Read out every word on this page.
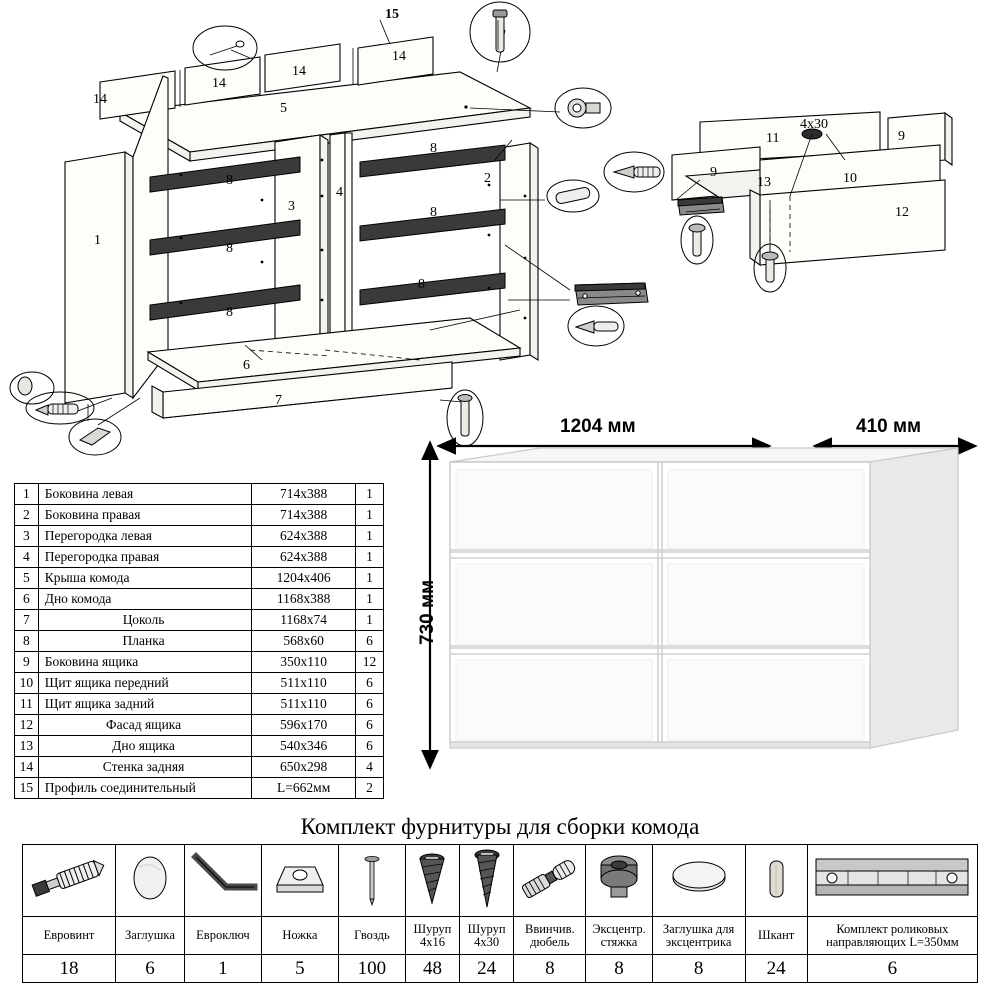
14
14
14
14
15
5
1
3
4
2
8
8
8
8
8
8
6
7
9
11	9
10
13
12
4х30
1	Боковина левая	714х388	1
2	Боковина правая	714х388	1
3	Перегородка левая	624х388	1
4	Перегородка правая	624х388	1
5	Крыша комода	1204х406	1
6	Дно комода	1168х388	1
7	Цоколь	1168х74	1
8	Планка	568х60	6
9	Боковина ящика	350х110	12
10	Щит ящика передний	511х110	6
11	Щит ящика задний	511х110	6
12	Фасад ящика	596х170	6
13	Дно ящика	540х346	6
14	Стенка задняя	650х298	4
15	Профиль соединительный	L=662мм	2
1204 мм	410 мм
730 мм
Комплект фурнитуры для сборки комода

Евровинт	Заглушка	Евроключ	Ножка	Гвоздь	Шуруп 4х16	Шуруп 4х30	Ввинчив. дюбель	Эксцентр. стяжка	Заглушка для эксцентрика	Шкант	Комплект роликовых направляющих L=350мм
18	6	1	5	100	48	24	8	8	8	24	6
